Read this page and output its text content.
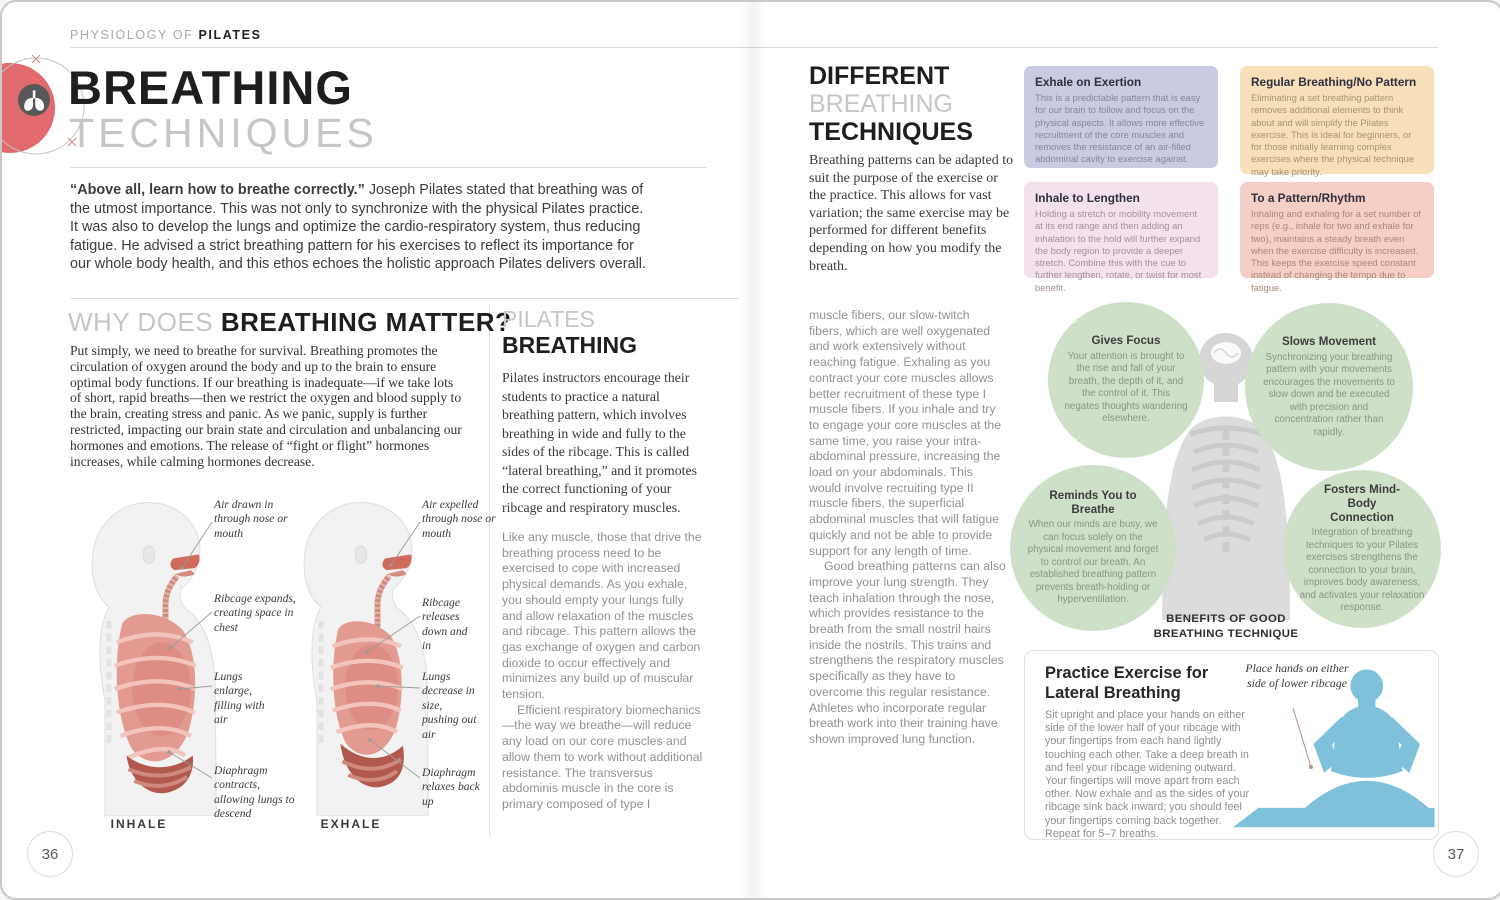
PHYSIOLOGY OF PILATES
BREATHING
TECHNIQUES

“Above all, learn how to breathe correctly.” Joseph Pilates stated that breathing was of the utmost importance. This was not only to synchronize with the physical Pilates practice. It was also to develop the lungs and optimize the cardio-respiratory system, thus reducing fatigue. He advised a strict breathing pattern for his exercises to reflect its importance for our whole body health, and this ethos echoes the holistic approach Pilates delivers overall.

WHY DOES BREATHING MATTER?

Put simply, we need to breathe for survival. Breathing promotes the circulation of oxygen around the body and up to the brain to ensure optimal body functions. If our breathing is inadequate—if we take lots of short, rapid breaths—then we restrict the oxygen and blood supply to the brain, creating stress and panic. As we panic, supply is further restricted, impacting our brain state and circulation and unbalancing our hormones and emotions. The release of “fight or flight” hormones increases, while calming hormones decrease.

Air drawn in through nose or mouth
Ribcage expands, creating space in chest
Lungs enlarge, filling with air
Diaphragm contracts, allowing lungs to descend
Air expelled through nose or mouth
Ribcage releases down and in
Lungs decrease in size, pushing out air
Diaphragm relaxes back up
INHALE	EXHALE
PILATES
BREATHING

Pilates instructors encourage their students to practice a natural breathing pattern, which involves breathing in wide and fully to the sides of the ribcage. This is called “lateral breathing,” and it promotes the correct functioning of your ribcage and respiratory muscles.

Like any muscle, those that drive the breathing process need to be exercised to cope with increased physical demands. As you exhale, you should empty your lungs fully and allow relaxation of the muscles and ribcage. This pattern allows the gas exchange of oxygen and carbon dioxide to occur effectively and minimizes any build up of muscular tension.

Efficient respiratory biomechanics—the way we breathe—will reduce any load on our core muscles and allow them to work without additional resistance. The transversus abdominis muscle in the core is primary composed of type I

muscle fibers, our slow-twitch fibers, which are well oxygenated and work extensively without reaching fatigue. Exhaling as you contract your core muscles allows better recruitment of these type I muscle fibers. If you inhale and try to engage your core muscles at the same time, you raise your intra-abdominal pressure, increasing the load on your abdominals. This would involve recruiting type II muscle fibers, the superficial abdominal muscles that will fatigue quickly and not be able to provide support for any length of time.

Good breathing patterns can also improve your lung strength. They teach inhalation through the nose, which provides resistance to the breath from the small nostril hairs inside the nostrils. This trains and strengthens the respiratory muscles specifically as they have to overcome this regular resistance. Athletes who incorporate regular breath work into their training have shown improved lung function.

DIFFERENT
BREATHING
TECHNIQUES

Breathing patterns can be adapted to suit the purpose of the exercise or the practice. This allows for vast variation; the same exercise may be performed for different benefits depending on how you modify the breath.

Exhale on Exertion

This is a predictable pattern that is easy for our brain to follow and focus on the physical aspects. It allows more effective recruitment of the core muscles and removes the resistance of an air-filled abdominal cavity to exercise against.

Regular Breathing/No Pattern

Eliminating a set breathing pattern removes additional elements to think about and will simplify the Pilates exercise. This is ideal for beginners, or for those initially learning complex exercises where the physical technique may take priority.

Inhale to Lengthen

Holding a stretch or mobility movement at its end range and then adding an inhalation to the hold will further expand the body region to provide a deeper stretch. Combine this with the cue to further lengthen, rotate, or twist for most benefit.

To a Pattern/Rhythm

Inhaling and exhaling for a set number of reps (e.g., inhale for two and exhale for two), maintains a steady breath even when the exercise difficulty is increased. This keeps the exercise speed constant instead of changing the tempo due to fatigue.

Gives Focus

Your attention is brought to the rise and fall of your breath, the depth of it, and the control of it. This negates thoughts wandering elsewhere.

Slows Movement

Synchronizing your breathing pattern with your movements encourages the movements to slow down and be executed with precision and concentration rather than rapidly.

Reminds You to Breathe

When our minds are busy, we can focus solely on the physical movement and forget to control our breath. An established breathing pattern prevents breath-holding or hyperventilation.

Fosters Mind-Body Connection

Integration of breathing techniques to your Pilates exercises strengthens the connection to your brain, improves body awareness, and activates your relaxation response.

BENEFITS OF GOOD BREATHING TECHNIQUE
Practice Exercise for Lateral Breathing

Sit upright and place your hands on either side of the lower half of your ribcage with your fingertips from each hand lightly touching each other. Take a deep breath in and feel your ribcage widening outward. Your fingertips will move apart from each other. Now exhale and as the sides of your ribcage sink back inward; you should feel your fingertips coming back together. Repeat for 5–7 breaths.

Place hands on either side of lower ribcage

36	37
